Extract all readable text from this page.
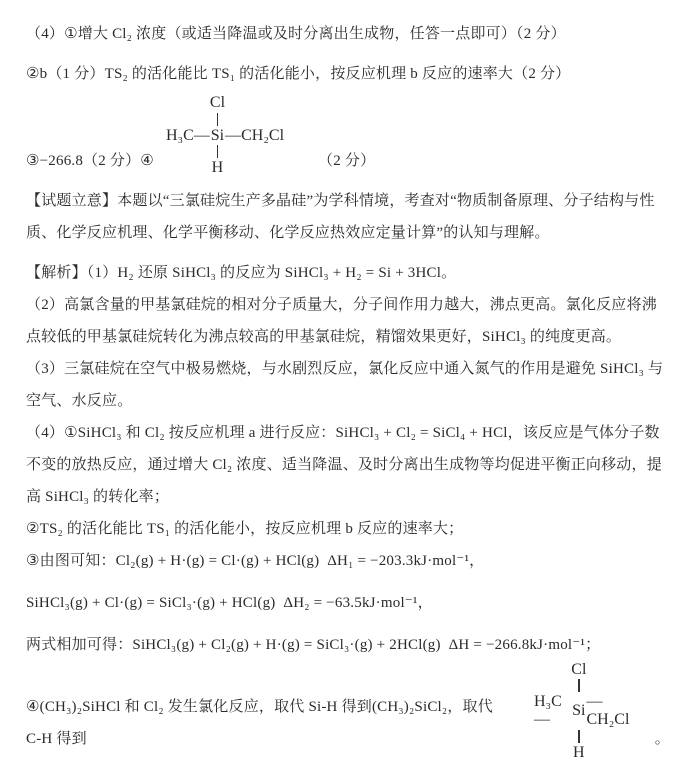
（4）①增大 Cl₂ 浓度（或适当降温或及时分离出生成物，任答一点即可）（2 分）

②b（1 分）TS₂ 的活化能比 TS₁ 的活化能小，按反应机理 b 反应的速率大（2 分）

③−266.8（2 分）④

Cl
H₃C— Si —CH₂Cl
H	（2 分）

【试题立意】本题以“三氯硅烷生产多晶硅”为学科情境，考查对“物质制备原理、分子结构与性质、化学反应机理、化学平衡移动、化学反应热效应定量计算”的认知与理解。

【解析】（1）H₂ 还原 SiHCl₃ 的反应为 SiHCl₃ + H₂ = Si + 3HCl。

（2）高氯含量的甲基氯硅烷的相对分子质量大，分子间作用力越大，沸点更高。氯化反应将沸点较低的甲基氯硅烷转化为沸点较高的甲基氯硅烷，精馏效果更好，SiHCl₃ 的纯度更高。

（3）三氯硅烷在空气中极易燃烧，与水剧烈反应，氯化反应中通入氮气的作用是避免 SiHCl₃ 与空气、水反应。

（4）①SiHCl₃ 和 Cl₂ 按反应机理 a 进行反应：SiHCl₃ + Cl₂ = SiCl₄ + HCl，该反应是气体分子数不变的放热反应，通过增大 Cl₂ 浓度、适当降温、及时分离出生成物等均促进平衡正向移动，提高 SiHCl₃ 的转化率；

②TS₂ 的活化能比 TS₁ 的活化能小，按反应机理 b 反应的速率大；

③由图可知：Cl₂(g) + H·(g) = Cl·(g) + HCl(g)  ΔH₁ = −203.3kJ·mol⁻¹，

SiHCl₃(g) + Cl·(g) = SiCl₃·(g) + HCl(g)  ΔH₂ = −63.5kJ·mol⁻¹，

两式相加可得：SiHCl₃(g) + Cl₂(g) + H·(g) = SiCl₃·(g) + 2HCl(g)  ΔH = −266.8kJ·mol⁻¹；

④(CH₃)₂SiHCl 和 Cl₂ 发生氯化反应，取代 Si-H 得到(CH₃)₂SiCl₂，取代 C-H 得到

Cl
H₃C—
Si
—CH₂Cl
H

。
